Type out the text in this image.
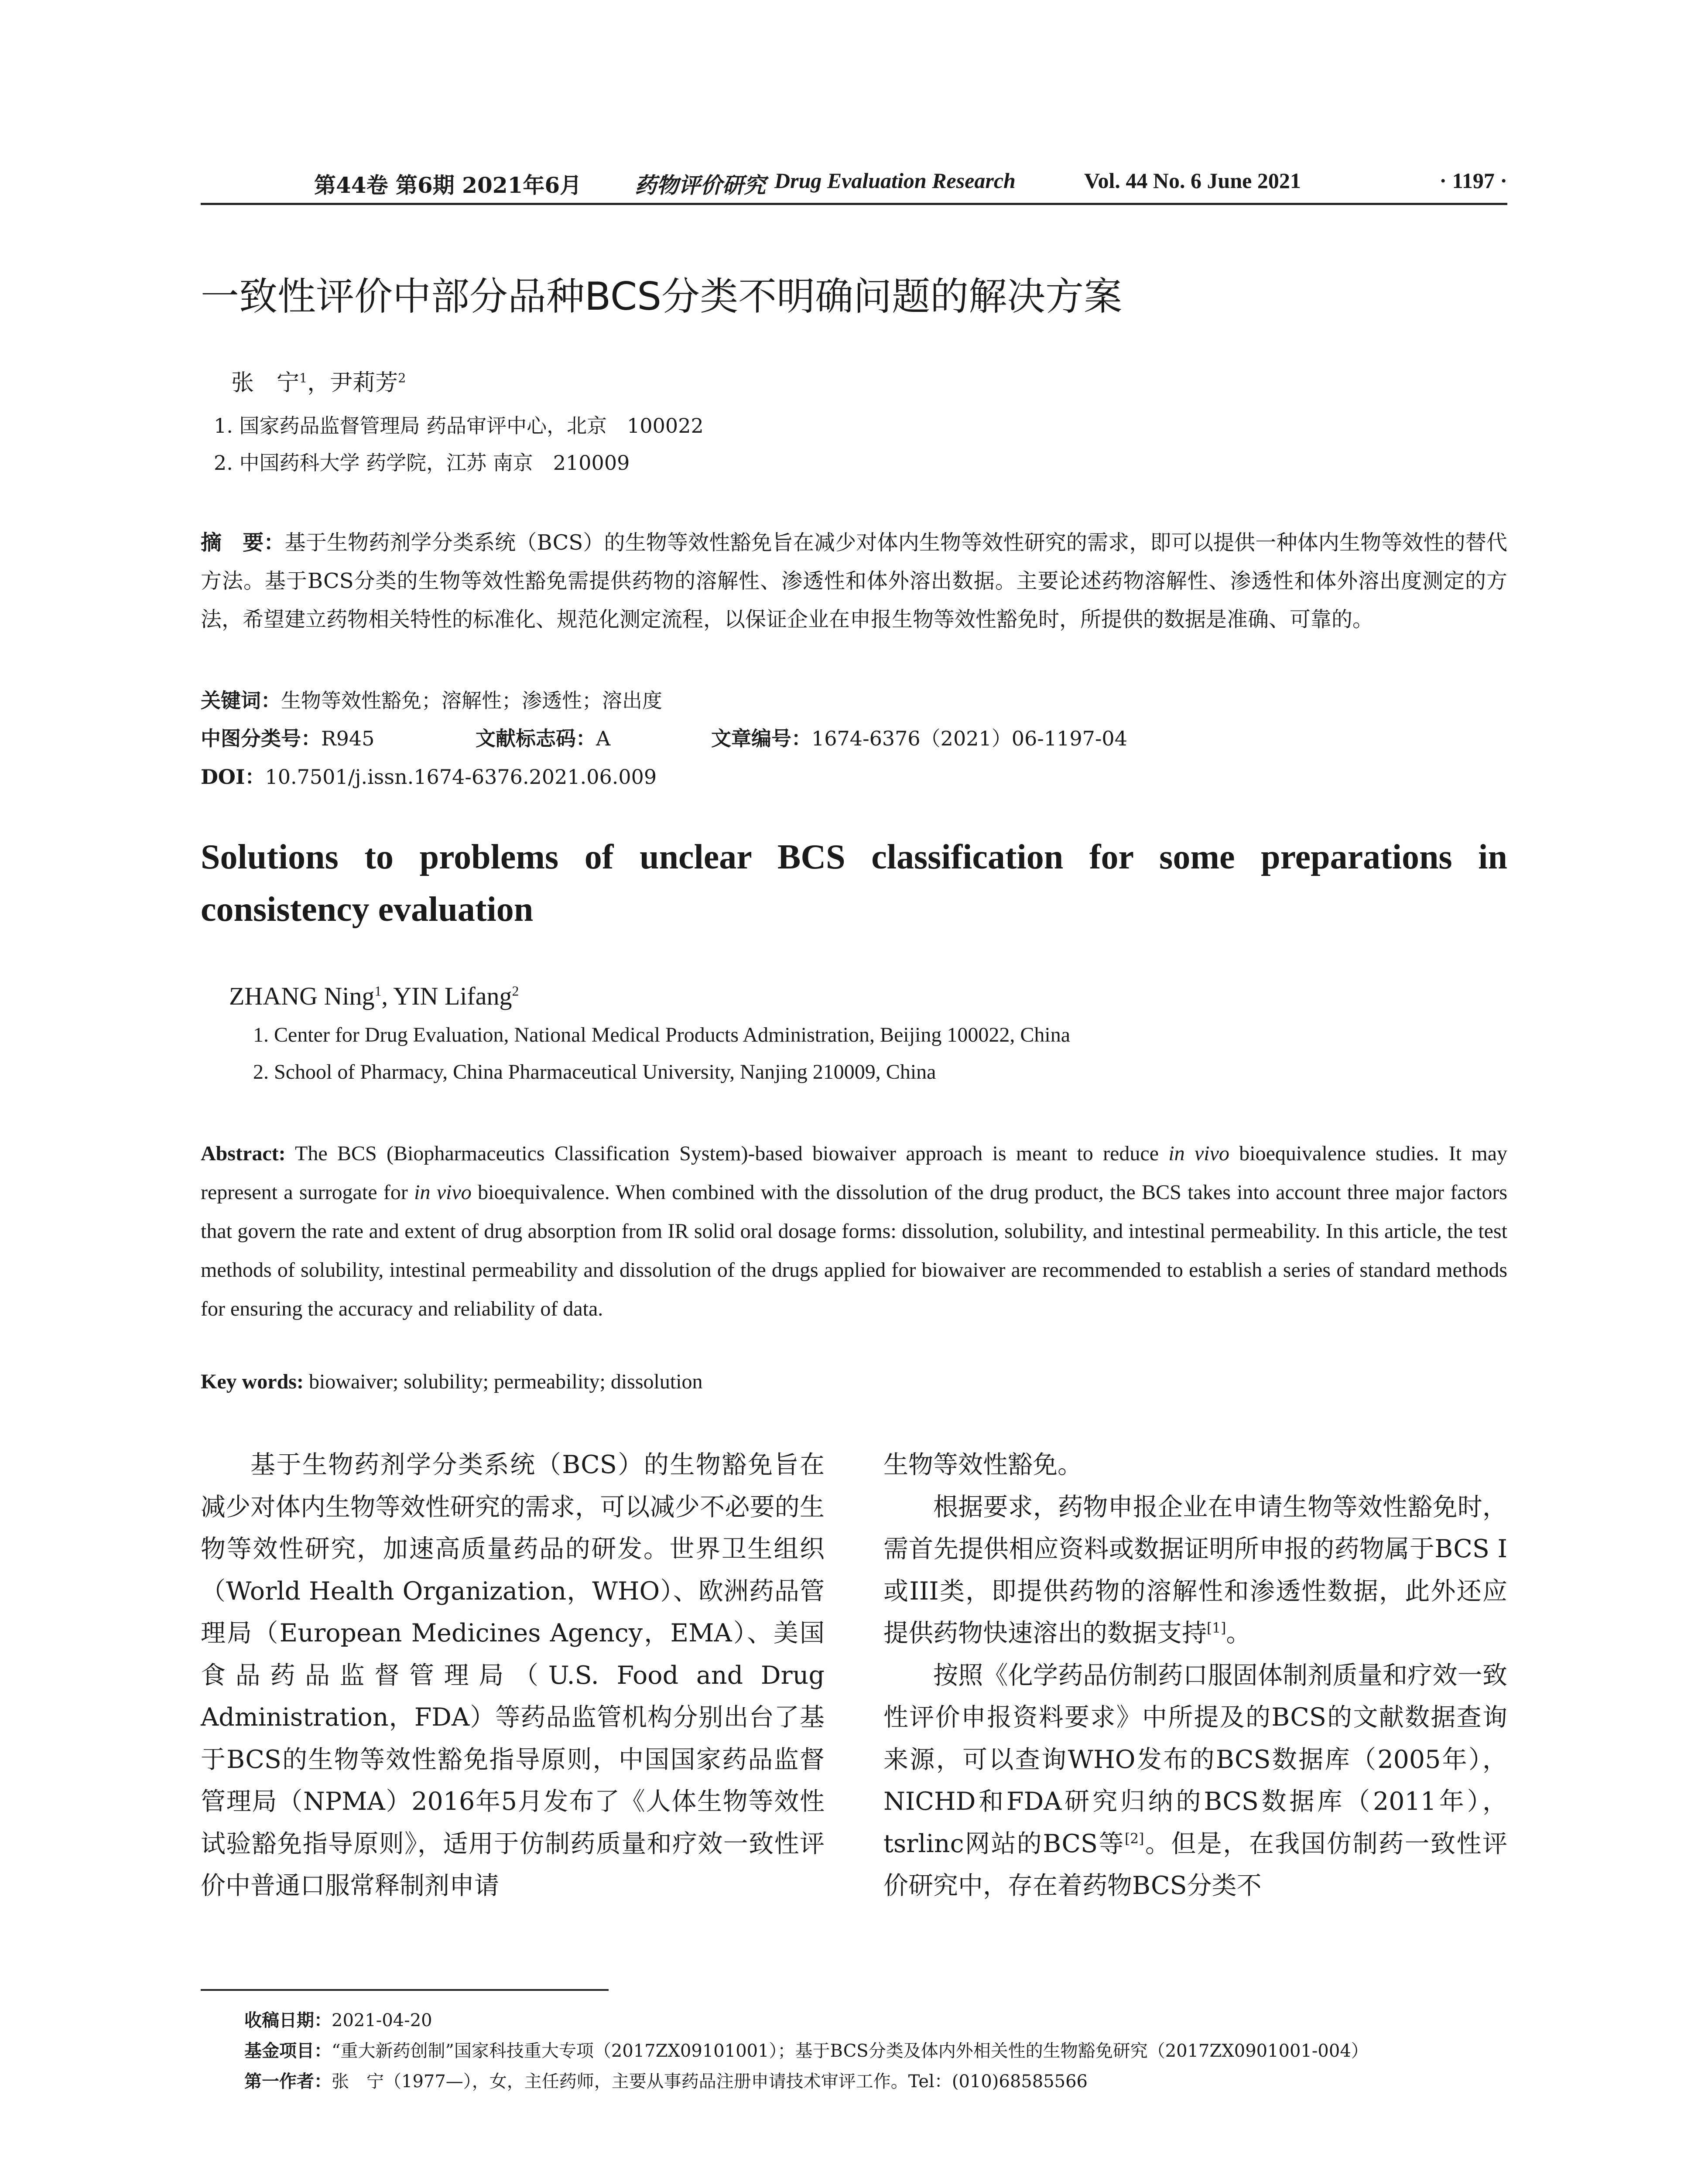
第44卷 第6期 2021年6月 药物评价研究 Drug Evaluation Research	Vol. 44 No. 6 June 2021	· 1197 ·
一致性评价中部分品种BCS分类不明确问题的解决方案
张　宁$^1$，尹莉芳$^2$
1. 国家药品监督管理局 药品审评中心，北京　100022
2. 中国药科大学 药学院，江苏 南京　210009
摘　要：基于生物药剂学分类系统（BCS）的生物等效性豁免旨在减少对体内生物等效性研究的需求，即可以提供一种体内生物等效性的替代方法。基于BCS分类的生物等效性豁免需提供药物的溶解性、渗透性和体外溶出数据。主要论述药物溶解性、渗透性和体外溶出度测定的方法，希望建立药物相关特性的标准化、规范化测定流程，以保证企业在申报生物等效性豁免时，所提供的数据是准确、可靠的。
关键词：生物等效性豁免；溶解性；渗透性；溶出度
中图分类号：R945	文献标志码：A	文章编号：1674-6376（2021）06-1197-04
DOI：10.7501/j.issn.1674-6376.2021.06.009
Solutions to problems of unclear BCS classification for some preparations in consistency evaluation
ZHANG Ning$^1$, YIN Lifang$^2$
1. Center for Drug Evaluation, National Medical Products Administration, Beijing 100022, China
2. School of Pharmacy, China Pharmaceutical University, Nanjing 210009, China
Abstract: The BCS (Biopharmaceutics Classification System)-based biowaiver approach is meant to reduce in vivo bioequivalence studies. It may represent a surrogate for in vivo bioequivalence. When combined with the dissolution of the drug product, the BCS takes into account three major factors that govern the rate and extent of drug absorption from IR solid oral dosage forms: dissolution, solubility, and intestinal permeability. In this article, the test methods of solubility, intestinal permeability and dissolution of the drugs applied for biowaiver are recommended to establish a series of standard methods for ensuring the accuracy and reliability of data.
Key words: biowaiver; solubility; permeability; dissolution

基于生物药剂学分类系统（BCS）的生物豁免旨在减少对体内生物等效性研究的需求，可以减少不必要的生物等效性研究，加速高质量药品的研发。世界卫生组织（World Health Organization，WHO）、欧洲药品管理局（European Medicines Agency，EMA）、美国食品药品监督管理局（U.S. Food and Drug Administration，FDA）等药品监管机构分别出台了基于BCS的生物等效性豁免指导原则，中国国家药品监督管理局（NPMA）2016年5月发布了《人体生物等效性试验豁免指导原则》，适用于仿制药质量和疗效一致性评价中普通口服常释制剂申请

生物等效性豁免。

根据要求，药物申报企业在申请生物等效性豁免时，需首先提供相应资料或数据证明所申报的药物属于BCS I或III类，即提供药物的溶解性和渗透性数据，此外还应提供药物快速溶出的数据支持[1]。

按照《化学药品仿制药口服固体制剂质量和疗效一致性评价申报资料要求》中所提及的BCS的文献数据查询来源，可以查询WHO发布的BCS数据库（2005年），NICHD和FDA研究归纳的BCS数据库（2011年），tsrlinc网站的BCS等[2]。但是，在我国仿制药一致性评价研究中，存在着药物BCS分类不

收稿日期：2021-04-20
基金项目：“重大新药创制”国家科技重大专项（2017ZX09101001）；基于BCS分类及体内外相关性的生物豁免研究（2017ZX0901001-004）
第一作者：张　宁（1977—），女，主任药师，主要从事药品注册申请技术审评工作。Tel：(010)68585566
